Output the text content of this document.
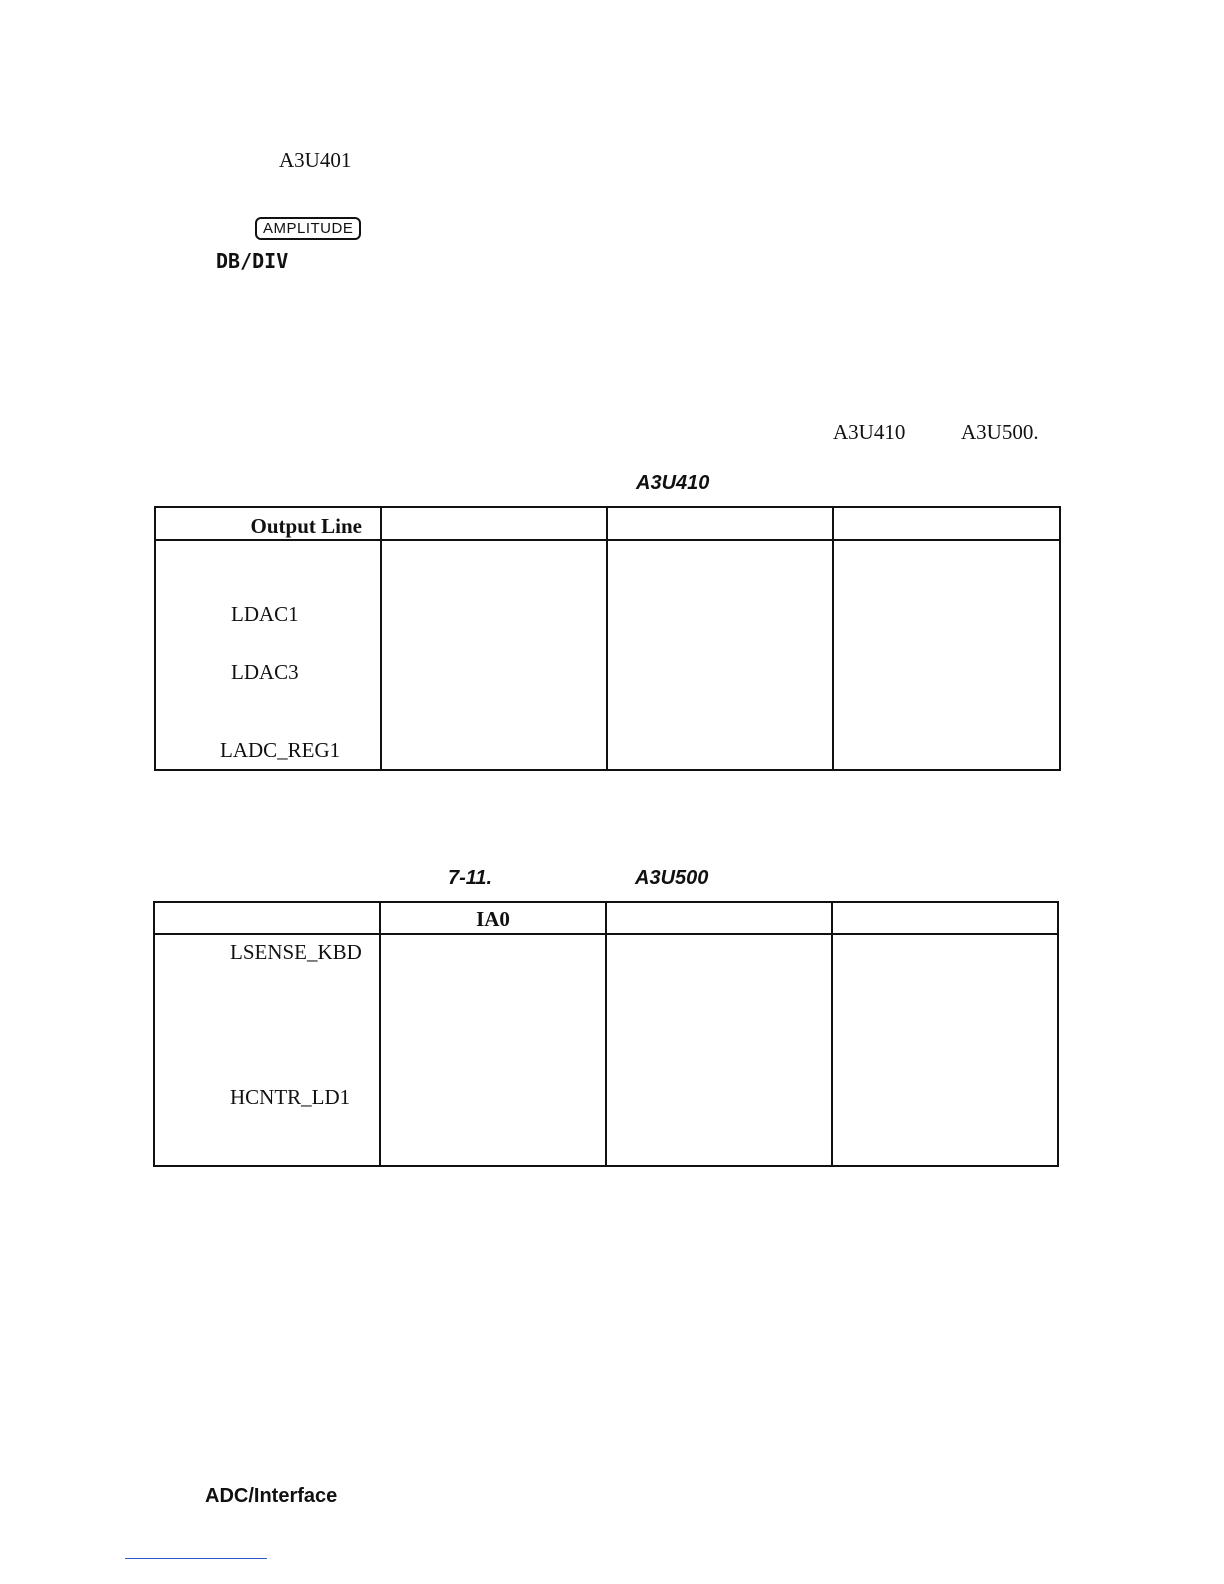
A3U401
AMPLITUDE
DB/DIV
A3U410	A3U500.
A3U410
Output Line			

LDAC1			

LDAC3			

LADC_REG1			

7-11.	A3U500

	IA0		

LSENSE_KBD			

HCNTR_LD1			

ADC/Interface
